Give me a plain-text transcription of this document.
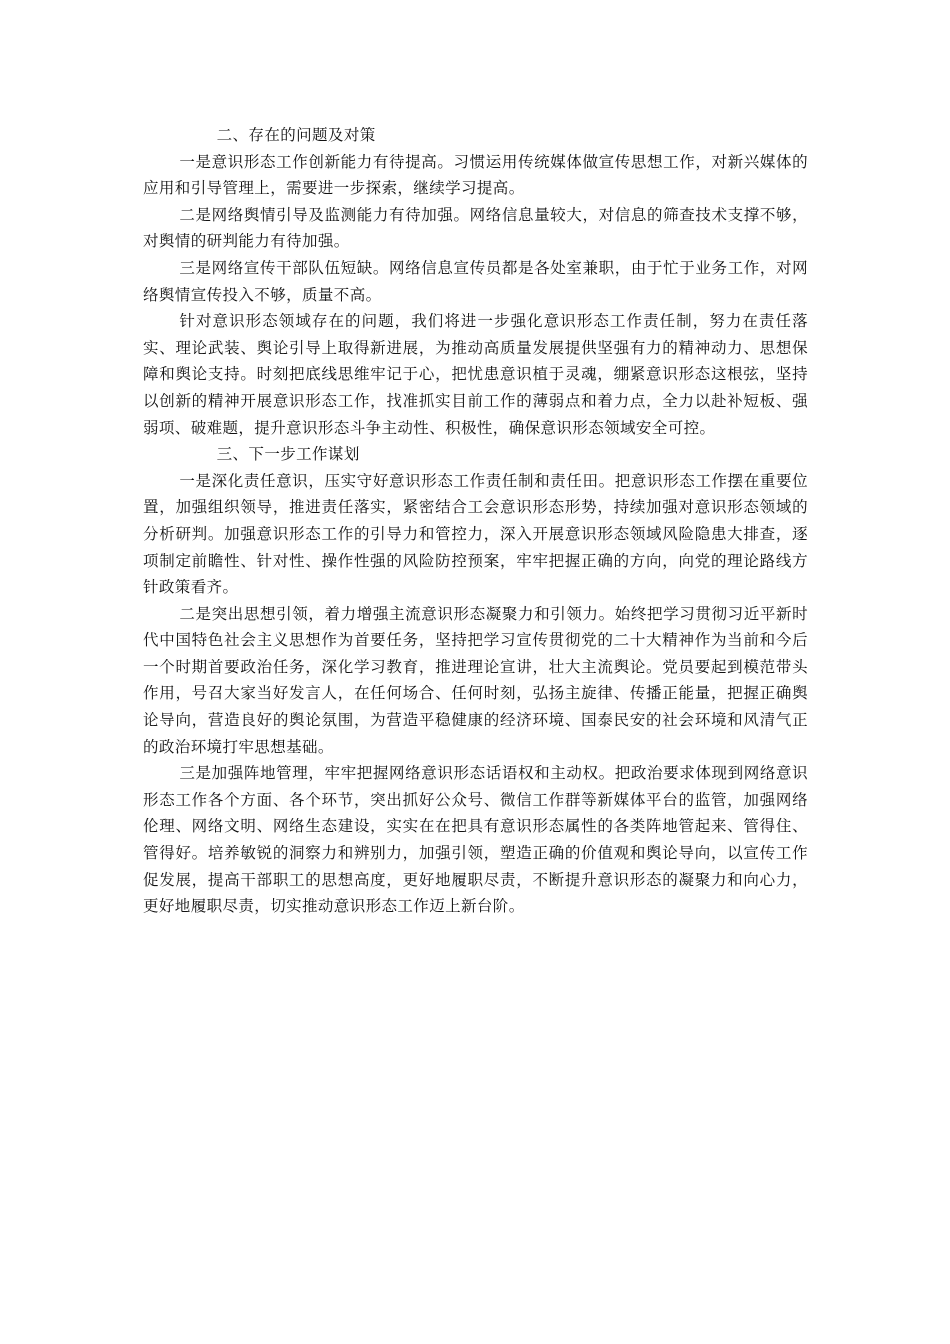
二、存在的问题及对策

一是意识形态工作创新能力有待提高。习惯运用传统媒体做宣传思想工作，对新兴媒体的应用和引导管理上，需要进一步探索，继续学习提高。

二是网络舆情引导及监测能力有待加强。网络信息量较大，对信息的筛查技术支撑不够，对舆情的研判能力有待加强。

三是网络宣传干部队伍短缺。网络信息宣传员都是各处室兼职，由于忙于业务工作，对网络舆情宣传投入不够，质量不高。

针对意识形态领域存在的问题，我们将进一步强化意识形态工作责任制，努力在责任落实、理论武装、舆论引导上取得新进展，为推动高质量发展提供坚强有力的精神动力、思想保障和舆论支持。时刻把底线思维牢记于心，把忧患意识植于灵魂，绷紧意识形态这根弦，坚持以创新的精神开展意识形态工作，找准抓实目前工作的薄弱点和着力点，全力以赴补短板、强弱项、破难题，提升意识形态斗争主动性、积极性，确保意识形态领域安全可控。

三、下一步工作谋划

一是深化责任意识，压实守好意识形态工作责任制和责任田。把意识形态工作摆在重要位置，加强组织领导，推进责任落实，紧密结合工会意识形态形势，持续加强对意识形态领域的分析研判。加强意识形态工作的引导力和管控力，深入开展意识形态领域风险隐患大排查，逐项制定前瞻性、针对性、操作性强的风险防控预案，牢牢把握正确的方向，向党的理论路线方针政策看齐。

二是突出思想引领，着力增强主流意识形态凝聚力和引领力。始终把学习贯彻习近平新时代中国特色社会主义思想作为首要任务，坚持把学习宣传贯彻党的二十大精神作为当前和今后一个时期首要政治任务，深化学习教育，推进理论宣讲，壮大主流舆论。党员要起到模范带头作用，号召大家当好发言人，在任何场合、任何时刻，弘扬主旋律、传播正能量，把握正确舆论导向，营造良好的舆论氛围，为营造平稳健康的经济环境、国泰民安的社会环境和风清气正的政治环境打牢思想基础。

三是加强阵地管理，牢牢把握网络意识形态话语权和主动权。把政治要求体现到网络意识形态工作各个方面、各个环节，突出抓好公众号、微信工作群等新媒体平台的监管，加强网络伦理、网络文明、网络生态建设，实实在在把具有意识形态属性的各类阵地管起来、管得住、管得好。培养敏锐的洞察力和辨别力，加强引领，塑造正确的价值观和舆论导向，以宣传工作促发展，提高干部职工的思想高度，更好地履职尽责，不断提升意识形态的凝聚力和向心力，更好地履职尽责，切实推动意识形态工作迈上新台阶。
